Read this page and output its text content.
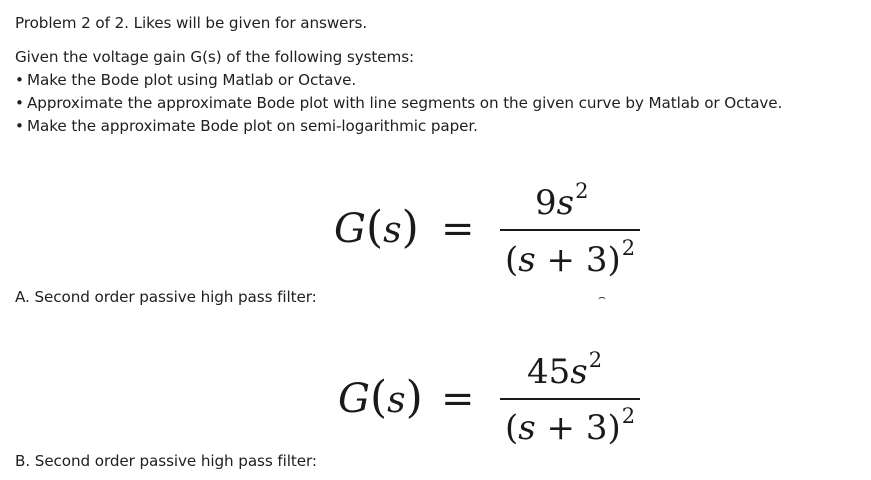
Problem 2 of 2. Likes will be given for answers.
Given the voltage gain G(s) of the following systems:
• Make the Bode plot using Matlab or Octave.
• Approximate the approximate Bode plot with line segments on the given curve by Matlab or Octave.
• Make the approximate Bode plot on semi-logarithmic paper.
G(s) =
$9s^2$
$(s + 3)^2$
⌢
A. Second order passive high pass filter:
G(s) =
$45s^2$
$(s + 3)^2$
B. Second order passive high pass filter:
